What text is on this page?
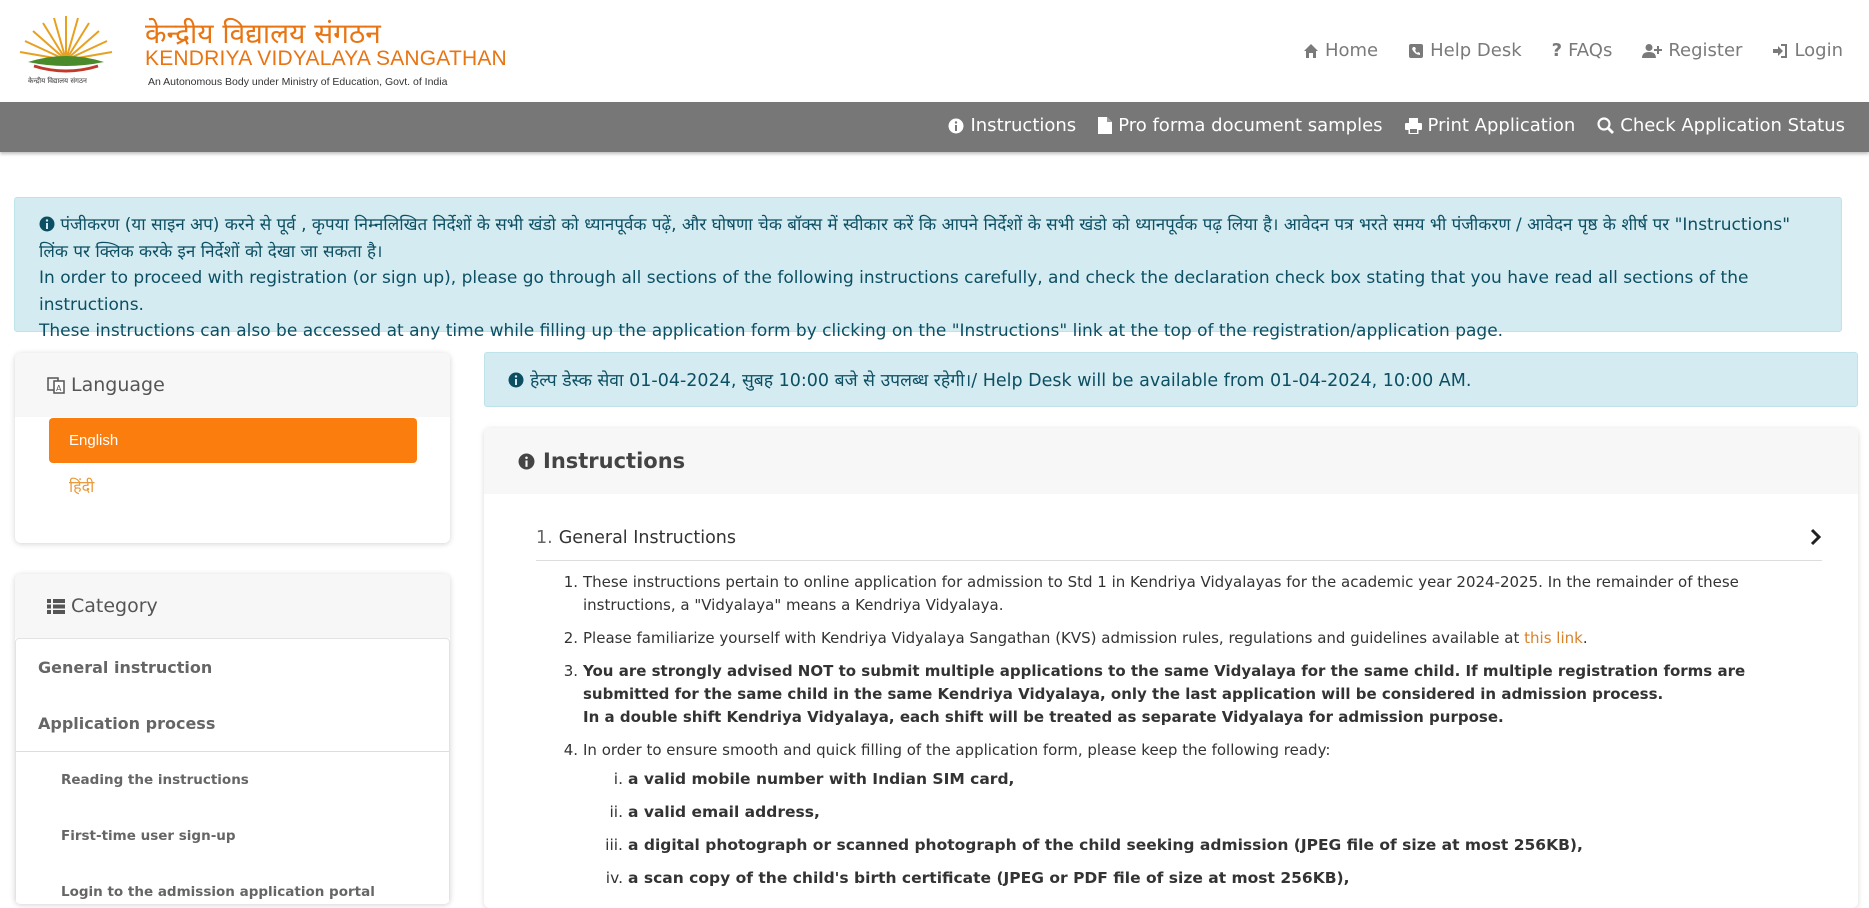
केन्द्रीय विद्यालय संगठन
केन्द्रीय विद्यालय संगठन
KENDRIYA VIDYALAYA SANGATHAN
An Autonomous Body under Ministry of Education, Govt. of India
Home	Help Desk ? FAQs	Register	Login
Instructions Pro forma document samples	Print Application	Check Application Status

पंजीकरण (या साइन अप) करने से पूर्व , कृपया निम्नलिखित निर्देशों के सभी खंडो को ध्यानपूर्वक पढ़ें, और घोषणा चेक बॉक्स में स्वीकार करें कि आपने निर्देशों के सभी खंडो को ध्यानपूर्वक पढ़ लिया है। आवेदन पत्र भरते समय भी पंजीकरण / आवेदन पृष्ठ के शीर्ष पर "Instructions" लिंक पर क्लिक करके इन निर्देशों को देखा जा सकता है।

In order to proceed with registration (or sign up), please go through all sections of the following instructions carefully, and check the declaration check box stating that you have read all sections of the instructions.

These instructions can also be accessed at any time while filling up the application form by clicking on the "Instructions" link at the top of the registration/application page.

A Language
English
हिंदी
Category
General instruction
Application process
Reading the instructions
First-time user sign-up
Login to the admission application portal
हेल्प डेस्क सेवा 01-04-2024, सुबह 10:00 बजे से उपलब्ध रहेगी।/ Help Desk will be available from 01-04-2024, 10:00 AM.
Instructions
1. General Instructions
1. These instructions pertain to online application for admission to Std 1 in Kendriya Vidyalayas for the academic year 2024-2025. In the remainder of these instructions, a "Vidyalaya" means a Kendriya Vidyalaya.
2. Please familiarize yourself with Kendriya Vidyalaya Sangathan (KVS) admission rules, regulations and guidelines available at this link.
3. You are strongly advised NOT to submit multiple applications to the same Vidyalaya for the same child. If multiple registration forms are submitted for the same child in the same Kendriya Vidyalaya, only the last application will be considered in admission process.
In a double shift Kendriya Vidyalaya, each shift will be treated as separate Vidyalaya for admission purpose.
4. In order to ensure smooth and quick filling of the application form, please keep the following ready:
i. a valid mobile number with Indian SIM card,
ii. a valid email address,
iii. a digital photograph or scanned photograph of the child seeking admission (JPEG file of size at most 256KB),
iv. a scan copy of the child's birth certificate (JPEG or PDF file of size at most 256KB),
